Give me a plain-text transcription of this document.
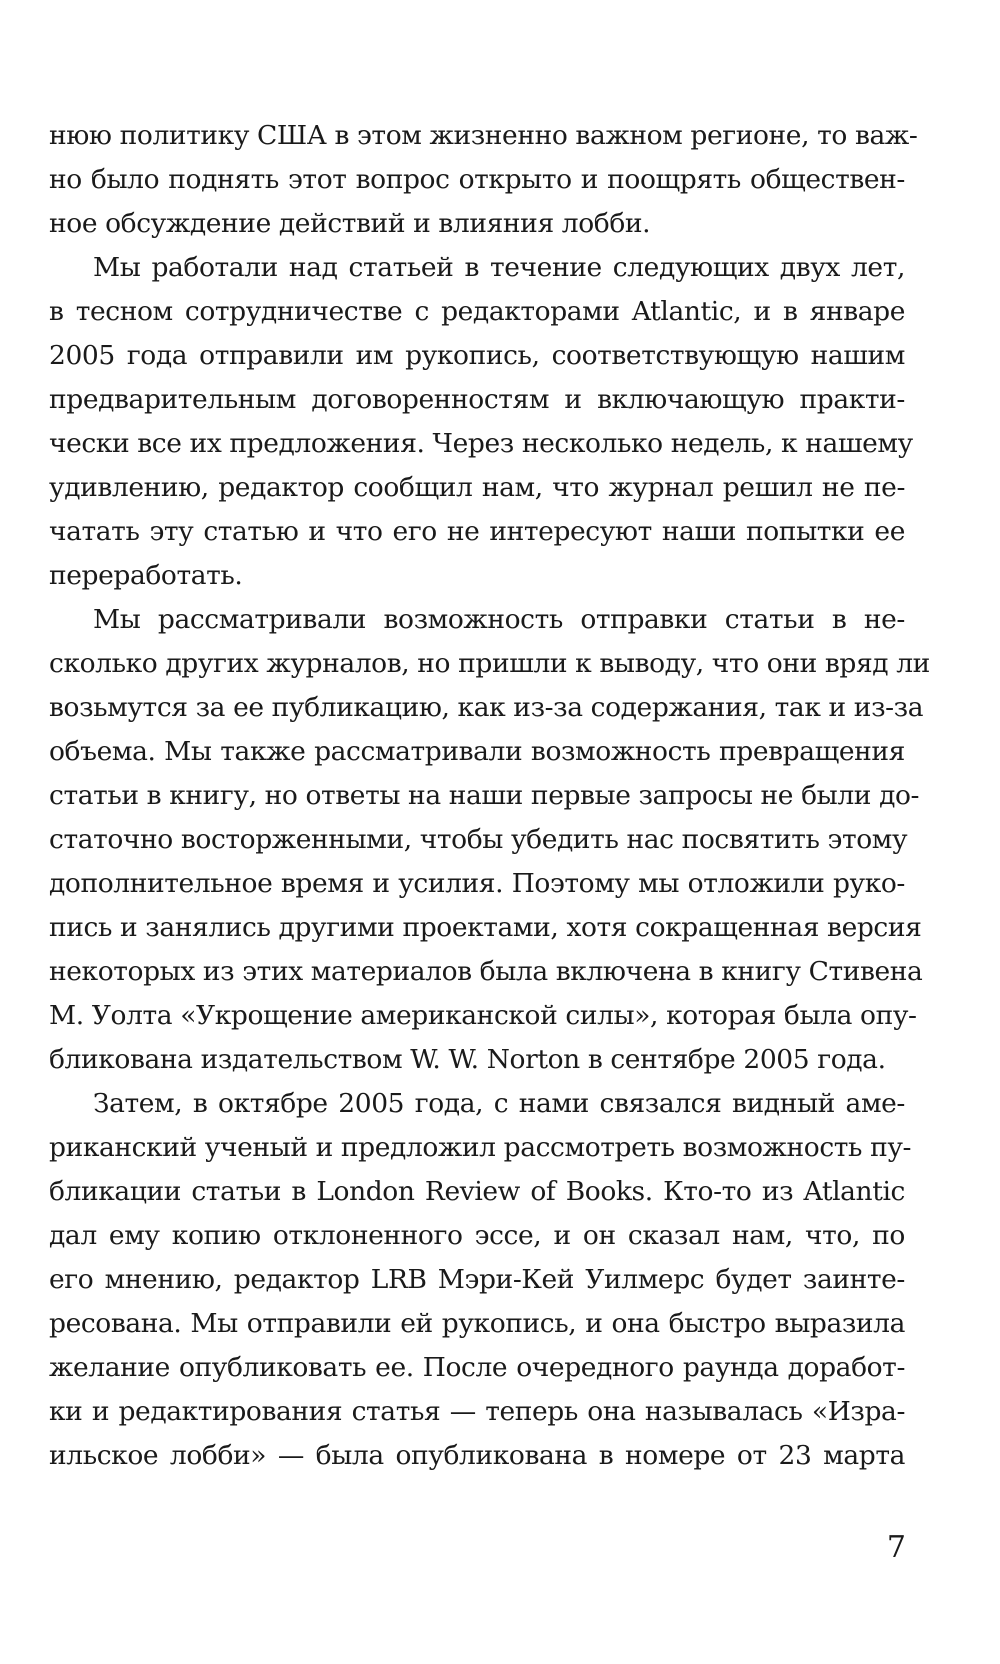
нюю политику США в этом жизненно важном регионе, то важ-
но было поднять этот вопрос открыто и поощрять обществен-
ное обсуждение действий и влияния лобби.
Мы работали над статьей в течение следующих двух лет,
в тесном сотрудничестве с редакторами Atlantic, и в январе
2005 года отправили им рукопись, соответствующую нашим
предварительным договоренностям и включающую практи-
чески все их предложения. Через несколько недель, к нашему
удивлению, редактор сообщил нам, что журнал решил не пе-
чатать эту статью и что его не интересуют наши попытки ее
переработать.
Мы рассматривали возможность отправки статьи в не-
сколько других журналов, но пришли к выводу, что они вряд ли
возьмутся за ее публикацию, как из-за содержания, так и из-за
объема. Мы также рассматривали возможность превращения
статьи в книгу, но ответы на наши первые запросы не были до-
статочно восторженными, чтобы убедить нас посвятить этому
дополнительное время и усилия. Поэтому мы отложили руко-
пись и занялись другими проектами, хотя сокращенная версия
некоторых из этих материалов была включена в книгу Стивена
М. Уолта «Укрощение американской силы», которая была опу-
бликована издательством W. W. Norton в сентябре 2005 года.
Затем, в октябре 2005 года, с нами связался видный аме-
риканский ученый и предложил рассмотреть возможность пу-
бликации статьи в London Review of Books. Кто-то из Atlantic
дал ему копию отклоненного эссе, и он сказал нам, что, по
его мнению, редактор LRB Мэри-Кей Уилмерс будет заинте-
ресована. Мы отправили ей рукопись, и она быстро выразила
желание опубликовать ее. После очередного раунда доработ-
ки и редактирования статья — теперь она называлась «Изра-
ильское лобби» — была опубликована в номере от 23 марта
7
